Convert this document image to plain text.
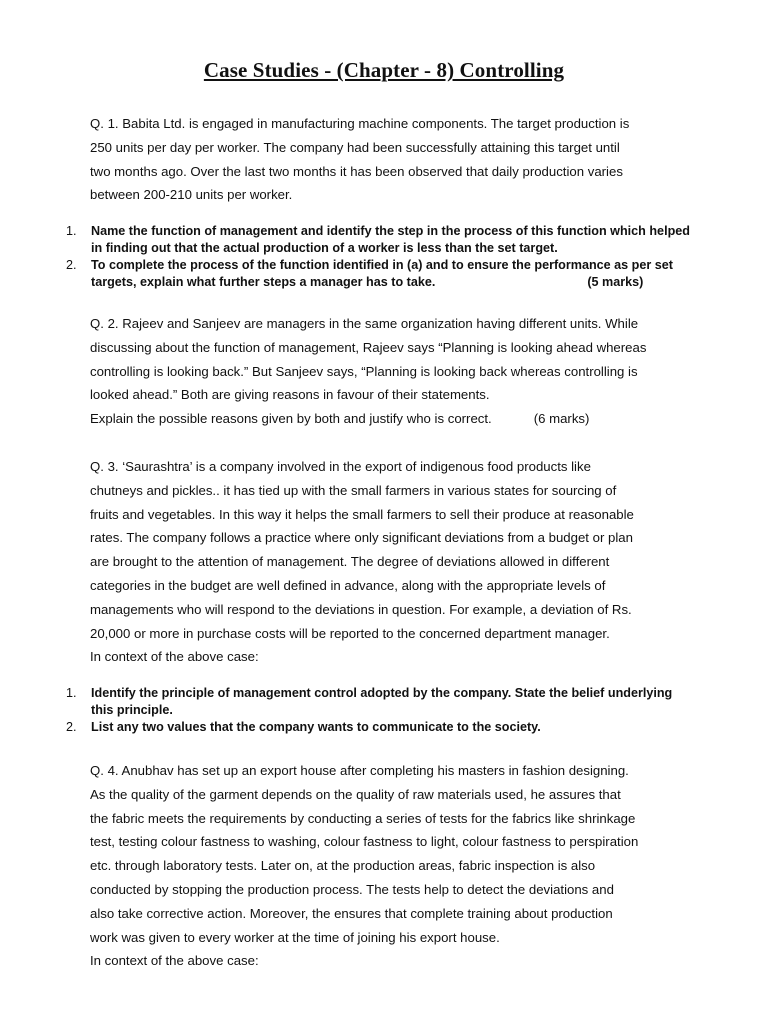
Case Studies - (Chapter - 8) Controlling

Q. 1. Babita Ltd. is engaged in manufacturing machine components. The target production is
250 units per day per worker. The company had been successfully attaining this target until
two months ago. Over the last two months it has been observed that daily production varies
between 200-210 units per worker.

1. Name the function of management and identify the step in the process of this function which helped
in finding out that the actual production of a worker is less than the set target.
2. To complete the process of the function identified in (a) and to ensure the performance as per set
targets, explain what further steps a manager has to take.	(5 marks)

Q. 2. Rajeev and Sanjeev are managers in the same organization having different units. While
discussing about the function of management, Rajeev says “Planning is looking ahead whereas
controlling is looking back.” But Sanjeev says, “Planning is looking back whereas controlling is
looked ahead.” Both are giving reasons in favour of their statements.
Explain the possible reasons given by both and justify who is correct.	(6 marks)

Q. 3. ‘Saurashtra’ is a company involved in the export of indigenous food products like
chutneys and pickles.. it has tied up with the small farmers in various states for sourcing of
fruits and vegetables. In this way it helps the small farmers to sell their produce at reasonable
rates. The company follows a practice where only significant deviations from a budget or plan
are brought to the attention of management. The degree of deviations allowed in different
categories in the budget are well defined in advance, along with the appropriate levels of
managements who will respond to the deviations in question. For example, a deviation of Rs.
20,000 or more in purchase costs will be reported to the concerned department manager.
In context of the above case:

1. Identify the principle of management control adopted by the company. State the belief underlying
this principle.
2. List any two values that the company wants to communicate to the society.

Q. 4. Anubhav has set up an export house after completing his masters in fashion designing.
As the quality of the garment depends on the quality of raw materials used, he assures that
the fabric meets the requirements by conducting a series of tests for the fabrics like shrinkage
test, testing colour fastness to washing, colour fastness to light, colour fastness to perspiration
etc. through laboratory tests. Later on, at the production areas, fabric inspection is also
conducted by stopping the production process. The tests help to detect the deviations and
also take corrective action. Moreover, the ensures that complete training about production
work was given to every worker at the time of joining his export house.
In context of the above case:
